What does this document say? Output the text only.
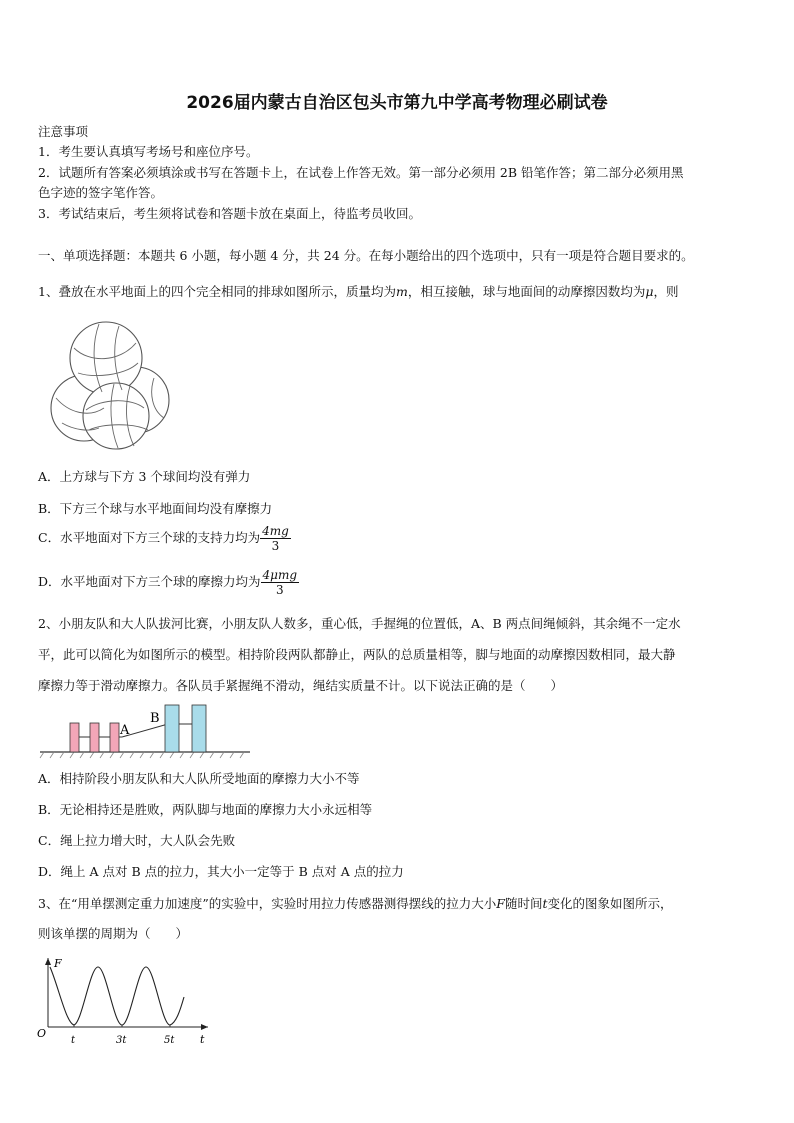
2026届内蒙古自治区包头市第九中学高考物理必刷试卷
注意事项
1．考生要认真填写考场号和座位序号。
2．试题所有答案必须填涂或书写在答题卡上，在试卷上作答无效。第一部分必须用 2B 铅笔作答；第二部分必须用黑
色字迹的签字笔作答。
3．考试结束后，考生须将试卷和答题卡放在桌面上，待监考员收回。
一、单项选择题：本题共 6 小题，每小题 4 分，共 24 分。在每小题给出的四个选项中，只有一项是符合题目要求的。
1、叠放在水平地面上的四个完全相同的排球如图所示，质量均为m，相互接触，球与地面间的动摩擦因数均为μ，则
A．上方球与下方 3 个球间均没有弹力
B．下方三个球与水平地面间均没有摩擦力
C．水平地面对下方三个球的支持力均为 $\frac{4mg}{3}$
D．水平地面对下方三个球的摩擦力均为 $\frac{\text{4μmg}}{3}$
2、小朋友队和大人队拔河比赛，小朋友队人数多，重心低，手握绳的位置低，A、B 两点间绳倾斜，其余绳不一定水
平，此可以简化为如图所示的模型。相持阶段两队都静止，两队的总质量相等，脚与地面的动摩擦因数相同，最大静
摩擦力等于滑动摩擦力。各队员手紧握绳不滑动，绳结实质量不计。以下说法正确的是（　　）
A
B
A．相持阶段小朋友队和大人队所受地面的摩擦力大小不等
B．无论相持还是胜败，两队脚与地面的摩擦力大小永远相等
C．绳上拉力增大时，大人队会先败
D．绳上 A 点对 B 点的拉力，其大小一定等于 B 点对 A 点的拉力
3、在“用单摆测定重力加速度”的实验中，实验时用拉力传感器测得摆线的拉力大小F随时间t变化的图象如图所示，
则该单摆的周期为（　　）
F
O	t
t	3t	5t
